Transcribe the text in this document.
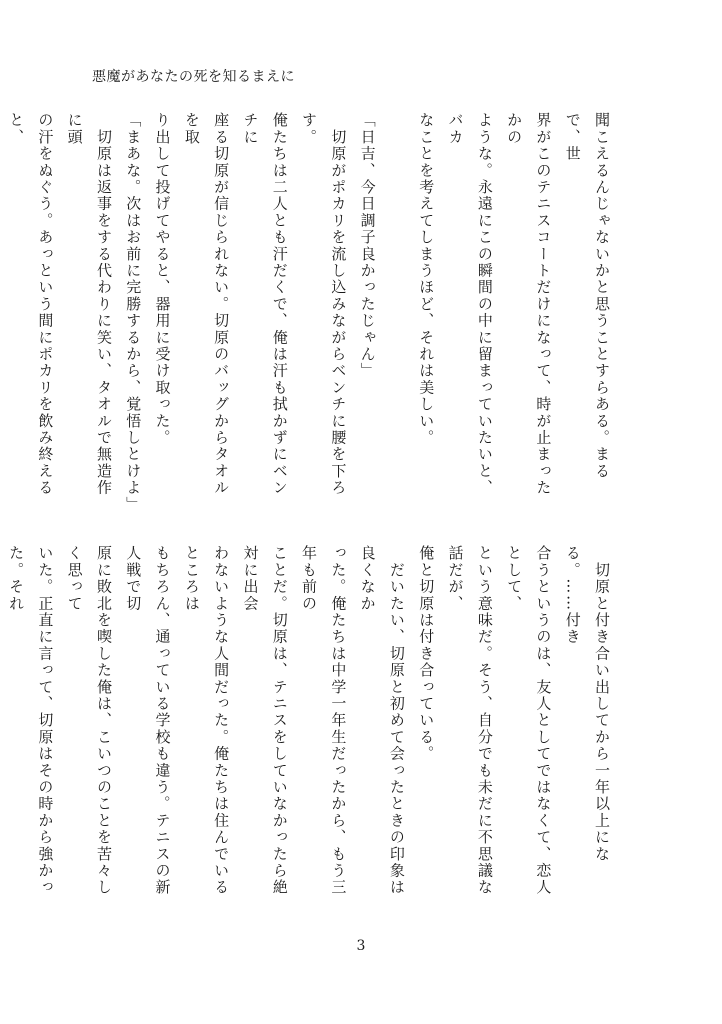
悪魔があなたの死を知るまえに

聞こえるんじゃないかと思うことすらある。まるで、世

界がこのテニスコートだけになって、時が止まったかの

ような。永遠にこの瞬間の中に留まっていたいと、バカ

なことを考えてしまうほど、それは美しい。

「日吉、今日調子良かったじゃん」

　切原がポカリを流し込みながらベンチに腰を下ろす。

俺たちは二人とも汗だくで、俺は汗も拭かずにベンチに

座る切原が信じられない。切原のバッグからタオルを取

り出して投げてやると、器用に受け取った。

「まあな。次はお前に完勝するから、覚悟しとけよ」

　切原は返事をする代わりに笑い、タオルで無造作に頭

の汗をぬぐう。あっという間にポカリを飲み終えると、

　切原と付き合い出してから一年以上になる。……付き

合うというのは、友人としてではなくて、恋人として、

という意味だ。そう、自分でも未だに不思議な話だが、

俺と切原は付き合っている。

　だいたい、切原と初めて会ったときの印象は良くなか

った。俺たちは中学一年生だったから、もう三年も前の

ことだ。切原は、テニスをしていなかったら絶対に出会

わないような人間だった。俺たちは住んでいるところは

もちろん、通っている学校も違う。テニスの新人戦で切

原に敗北を喫した俺は、こいつのことを苦々しく思って

いた。正直に言って、切原はその時から強かった。それ

3
